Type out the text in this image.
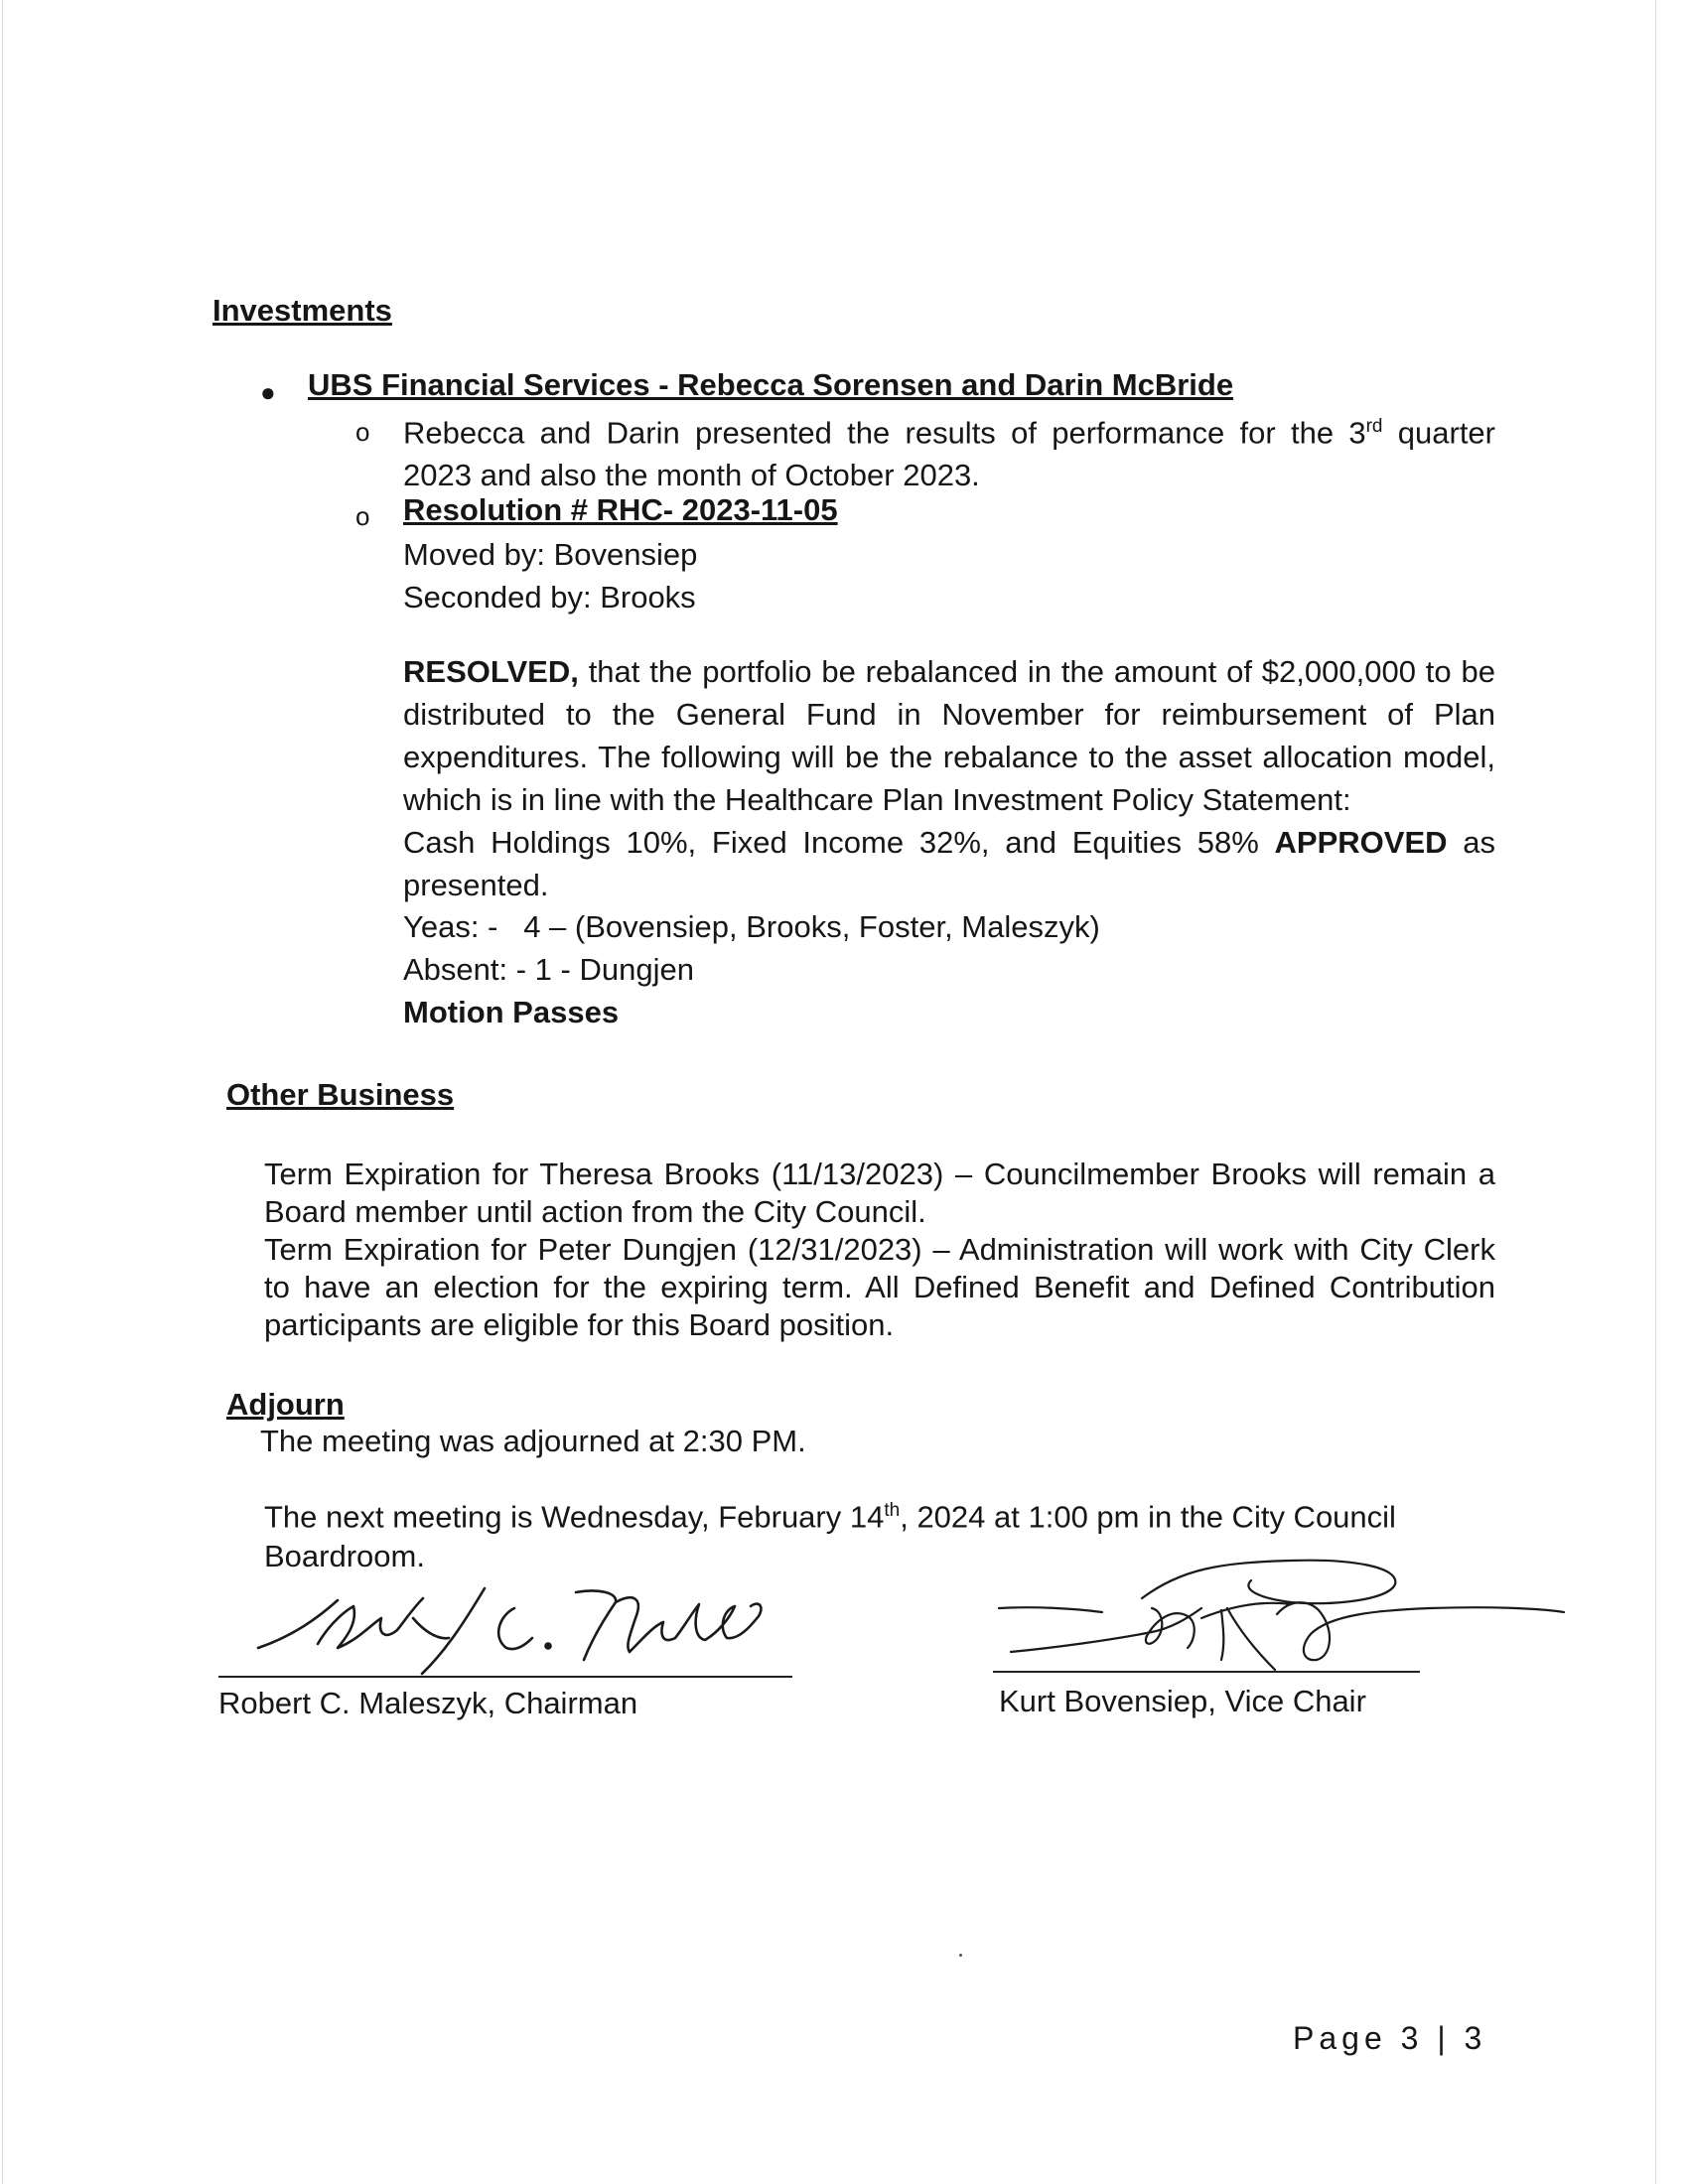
Investments
● UBS Financial Services - Rebecca Sorensen and Darin McBride
o Rebecca and Darin presented the results of performance for the 3rd quarter 2023 and also the month of October 2023.
o Resolution # RHC- 2023-11-05
Moved by: Bovensiep
Seconded by: Brooks
RESOLVED, that the portfolio be rebalanced in the amount of $2,000,000 to be distributed to the General Fund in November for reimbursement of Plan expenditures. The following will be the rebalance to the asset allocation model, which is in line with the Healthcare Plan Investment Policy Statement:
Cash Holdings 10%, Fixed Income 32%, and Equities 58% APPROVED as presented.
Yeas: -   4 – (Bovensiep, Brooks, Foster, Maleszyk)
Absent: - 1 - Dungjen
Motion Passes
Other Business
Term Expiration for Theresa Brooks (11/13/2023) – Councilmember Brooks will remain a Board member until action from the City Council.
Term Expiration for Peter Dungjen (12/31/2023) – Administration will work with City Clerk to have an election for the expiring term. All Defined Benefit and Defined Contribution participants are eligible for this Board position.
Adjourn
The meeting was adjourned at 2:30 PM.
The next meeting is Wednesday, February 14th, 2024 at 1:00 pm in the City Council Boardroom.
Robert C. Maleszyk, Chairman	Kurt Bovensiep, Vice Chair
Page 3 | 3
